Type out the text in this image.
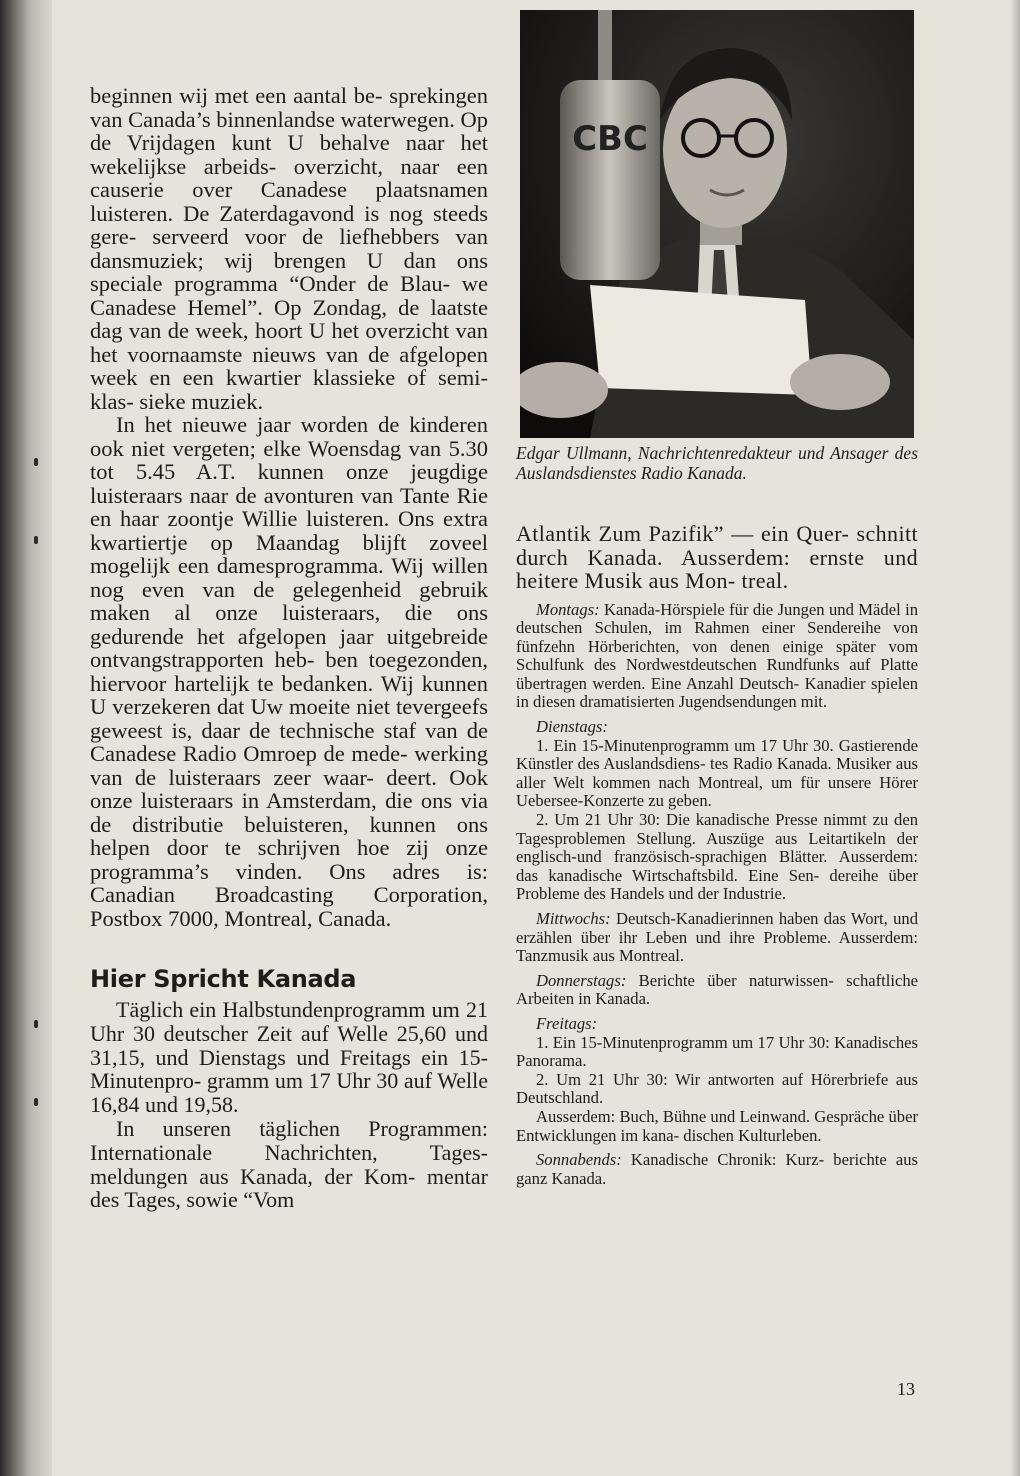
beginnen wij met een aantal be- sprekingen van Canada’s binnenlandse waterwegen. Op de Vrijdagen kunt U behalve naar het wekelijkse arbeids- overzicht, naar een causerie over Canadese plaatsnamen luisteren. De Zaterdagavond is nog steeds gere- serveerd voor de liefhebbers van dansmuziek; wij brengen U dan ons speciale programma “Onder de Blau- we Canadese Hemel”. Op Zondag, de laatste dag van de week, hoort U het overzicht van het voornaamste nieuws van de afgelopen week en een kwartier klassieke of semi-klas- sieke muziek.

In het nieuwe jaar worden de kinderen ook niet vergeten; elke Woensdag van 5.30 tot 5.45 A.T. kunnen onze jeugdige luisteraars naar de avonturen van Tante Rie en haar zoontje Willie luisteren. Ons extra kwartiertje op Maandag blijft zoveel mogelijk een damesprogramma. Wij willen nog even van de gelegenheid gebruik maken al onze luisteraars, die ons gedurende het afgelopen jaar uitgebreide ontvangstrapporten heb- ben toegezonden, hiervoor hartelijk te bedanken. Wij kunnen U verzekeren dat Uw moeite niet tevergeefs geweest is, daar de technische staf van de Canadese Radio Omroep de mede- werking van de luisteraars zeer waar- deert. Ook onze luisteraars in Amsterdam, die ons via de distributie beluisteren, kunnen ons helpen door te schrijven hoe zij onze programma’s vinden. Ons adres is: Canadian Broadcasting Corporation, Postbox 7000, Montreal, Canada.

Hier Spricht Kanada

Täglich ein Halbstundenprogramm um 21 Uhr 30 deutscher Zeit auf Welle 25,60 und 31,15, und Dienstags und Freitags ein 15-Minutenpro- gramm um 17 Uhr 30 auf Welle 16,84 und 19,58.

In unseren täglichen Programmen: Internationale Nachrichten, Tages- meldungen aus Kanada, der Kom- mentar des Tages, sowie “Vom

CBC

Edgar Ullmann, Nachrichtenredakteur und Ansager des Auslandsdienstes Radio Kanada.

Atlantik Zum Pazifik” — ein Quer- schnitt durch Kanada. Ausserdem: ernste und heitere Musik aus Mon- treal.

Montags: Kanada-Hörspiele für die Jungen und Mädel in deutschen Schulen, im Rahmen einer Sendereihe von fünfzehn Hörberichten, von denen einige später vom Schulfunk des Nordwestdeutschen Rundfunks auf Platte übertragen werden. Eine Anzahl Deutsch- Kanadier spielen in diesen dramatisierten Jugendsendungen mit.

Dienstags:

1. Ein 15-Minutenprogramm um 17 Uhr 30. Gastierende Künstler des Auslandsdiens- tes Radio Kanada. Musiker aus aller Welt kommen nach Montreal, um für unsere Hörer Uebersee-Konzerte zu geben.

2. Um 21 Uhr 30: Die kanadische Presse nimmt zu den Tagesproblemen Stellung. Auszüge aus Leitartikeln der englisch-und französisch-sprachigen Blätter. Ausserdem: das kanadische Wirtschaftsbild. Eine Sen- dereihe über Probleme des Handels und der Industrie.

Mittwochs: Deutsch-Kanadierinnen haben das Wort, und erzählen über ihr Leben und ihre Probleme. Ausserdem: Tanzmusik aus Montreal.

Donnerstags: Berichte über naturwissen- schaftliche Arbeiten in Kanada.

Freitags:

1. Ein 15-Minutenprogramm um 17 Uhr 30: Kanadisches Panorama.

2. Um 21 Uhr 30: Wir antworten auf Hörerbriefe aus Deutschland.

Ausserdem: Buch, Bühne und Leinwand. Gespräche über Entwicklungen im kana- dischen Kulturleben.

Sonnabends: Kanadische Chronik: Kurz- berichte aus ganz Kanada.

13
